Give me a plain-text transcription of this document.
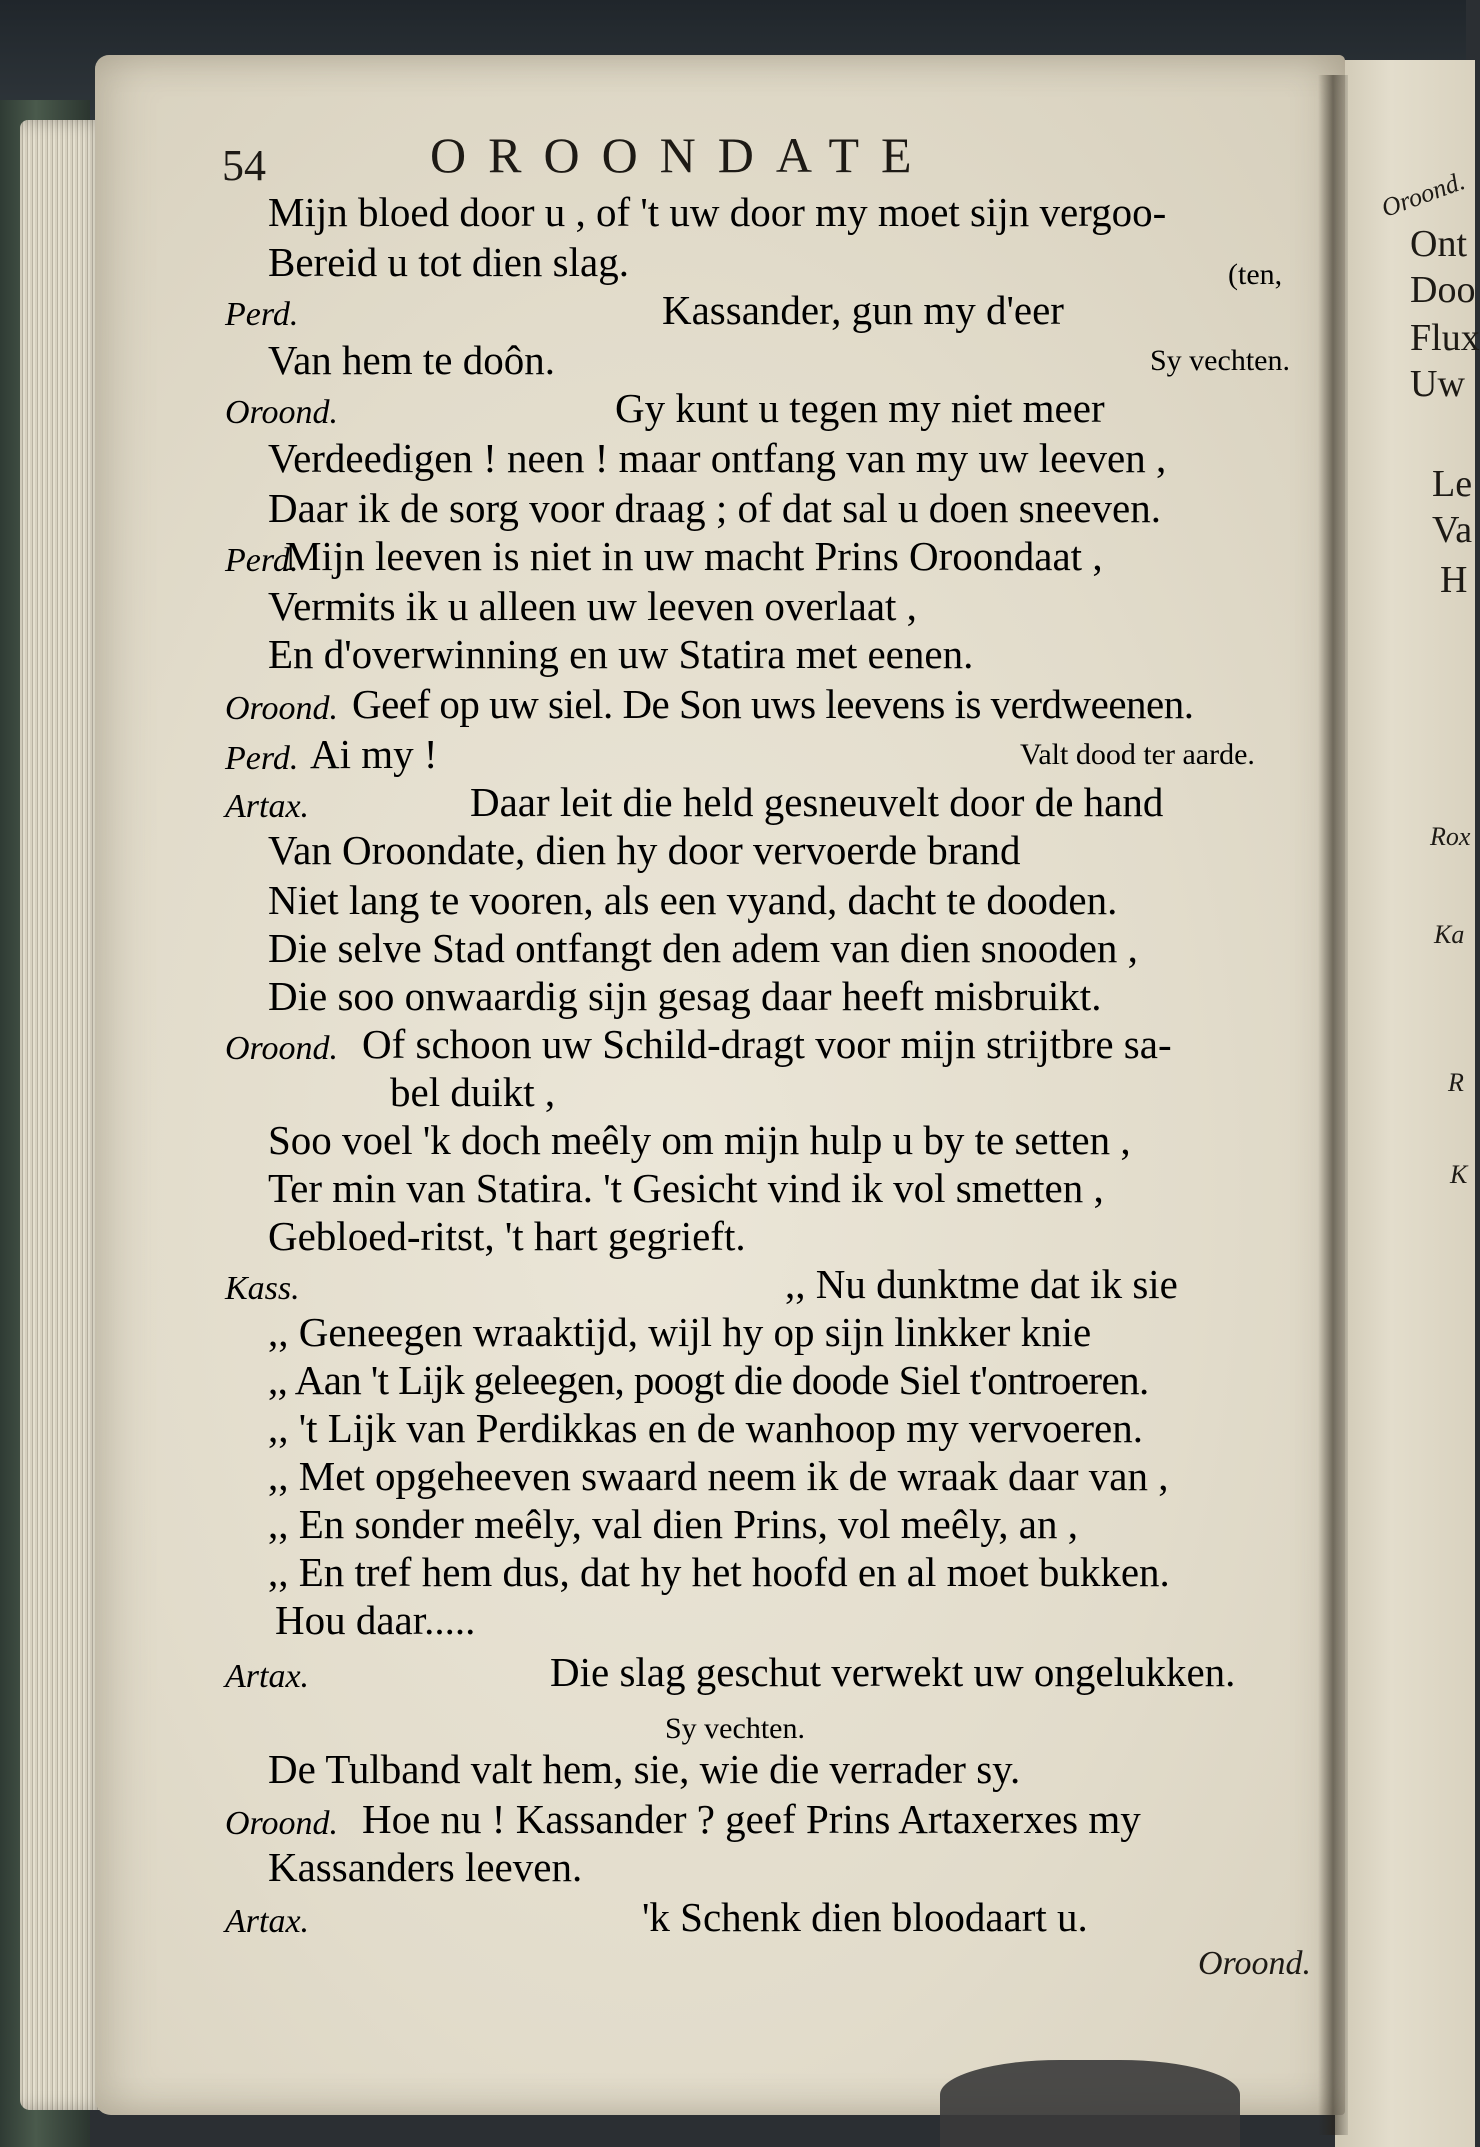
54	OROONDATE
Mijn bloed door u , of 't uw door my moet sijn vergoo-
Bereid u tot dien slag.	(ten,
Perd.	Kassander, gun my d'eer
Van hem te doôn.	Sy vechten.
Oroond.	Gy kunt u tegen my niet meer
Verdeedigen ! neen ! maar ontfang van my uw leeven ,
Daar ik de sorg voor draag ; of dat sal u doen sneeven.
Perd.
Mijn leeven is niet in uw macht Prins Oroondaat ,
Vermits ik u alleen uw leeven overlaat ,
En d'overwinning en uw Statira met eenen.
Oroond. Geef op uw siel. De Son uws leevens is verdweenen.
Perd. Ai my !	Valt dood ter aarde.
Artax.	Daar leit die held gesneuvelt door de hand
Van Oroondate, dien hy door vervoerde brand
Niet lang te vooren, als een vyand, dacht te dooden.
Die selve Stad ontfangt den adem van dien snooden ,
Die soo onwaardig sijn gesag daar heeft misbruikt.
Oroond. Of schoon uw Schild-dragt voor mijn strijtbre sa-
bel duikt ,
Soo voel 'k doch meêly om mijn hulp u by te setten ,
Ter min van Statira. 't Gesicht vind ik vol smetten ,
Gebloed-ritst, 't hart gegrieft.
Kass.	,, Nu dunktme dat ik sie
,, Geneegen wraaktijd, wijl hy op sijn linkker knie
,, Aan 't Lijk geleegen, poogt die doode Siel t'ontroeren.
,, 't Lijk van Perdikkas en de wanhoop my vervoeren.
,, Met opgeheeven swaard neem ik de wraak daar van ,
,, En sonder meêly, val dien Prins, vol meêly, an ,
,, En tref hem dus, dat hy het hoofd en al moet bukken.
Hou daar.....
Artax.	Die slag geschut verwekt uw ongelukken.
Sy vechten.
De Tulband valt hem, sie, wie die verrader sy.
Oroond. Hoe nu ! Kassander ? geef Prins Artaxerxes my
Kassanders leeven.
Artax.	'k Schenk dien bloodaart u.
Oroond.
Oroond.
Ont
Doo
Flux
Uw
Le
Va
H
Rox
Ka
R
K
